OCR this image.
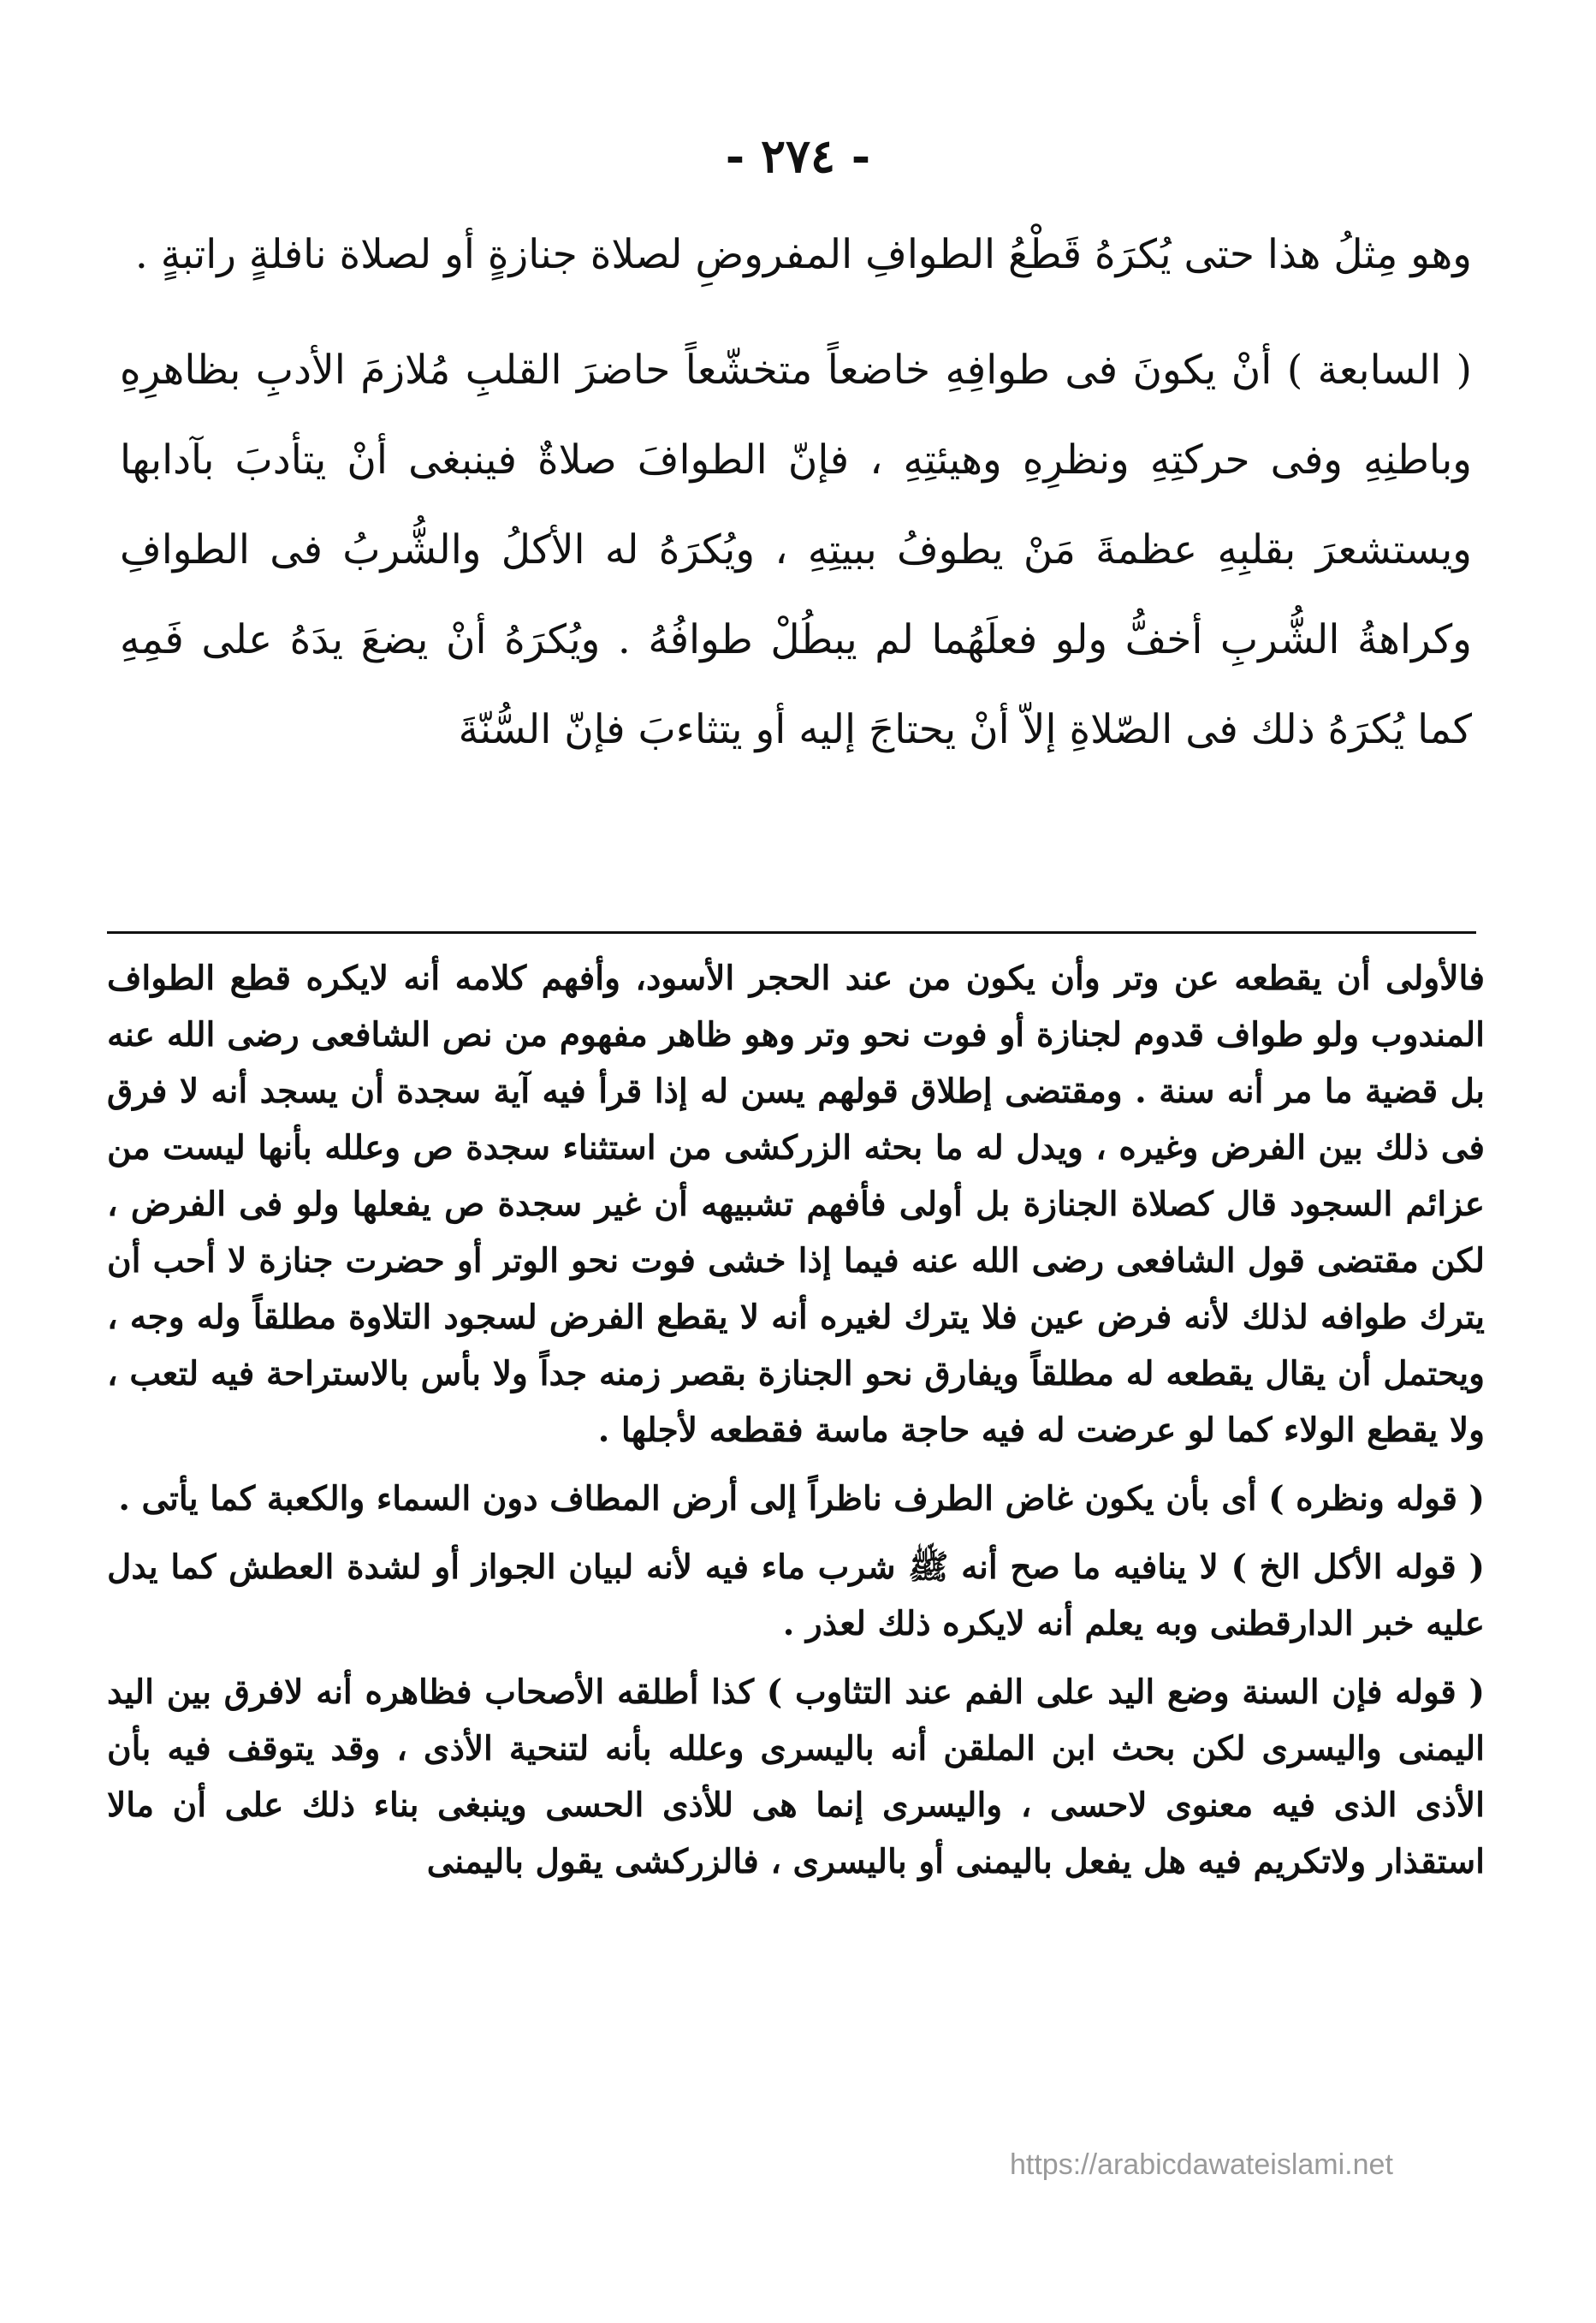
- ٢٧٤ -

وهو مِثلُ هذا حتى يُكرَهُ قَطْعُ الطوافِ المفروضِ لصلاة جنازةٍ أو لصلاة نافلةٍ راتبةٍ .

( السابعة ) أنْ يكونَ فى طوافِهِ خاضعاً متخشّعاً حاضرَ القلبِ مُلازمَ الأدبِ بظاهرِهِ وباطنِهِ وفى حركتِهِ ونظرِهِ وهيئتِهِ ، فإنّ الطوافَ صلاةٌ فينبغى أنْ يتأدبَ بآدابها ويستشعرَ بقلبِهِ عظمةَ مَنْ يطوفُ ببيتِهِ ، ويُكرَهُ له الأكلُ والشُّربُ فى الطوافِ وكراهةُ الشُّربِ أخفُّ ولو فعلَهُما لم يبطُلْ طوافُهُ . ويُكرَهُ أنْ يضعَ يدَهُ على فَمِهِ كما يُكرَهُ ذلك فى الصّلاةِ إلاّ أنْ يحتاجَ إليه أو يتثاءبَ فإنّ السُّنّةَ

فالأولى أن يقطعه عن وتر وأن يكون من عند الحجر الأسود، وأفهم كلامه أنه لايكره قطع الطواف المندوب ولو طواف قدوم لجنازة أو فوت نحو وتر وهو ظاهر مفهوم من نص الشافعى رضى الله عنه بل قضية ما مر أنه سنة . ومقتضى إطلاق قولهم يسن له إذا قرأ فيه آية سجدة أن يسجد أنه لا فرق فى ذلك بين الفرض وغيره ، ويدل له ما بحثه الزركشى من استثناء سجدة ص وعلله بأنها ليست من عزائم السجود قال كصلاة الجنازة بل أولى فأفهم تشبيهه أن غير سجدة ص يفعلها ولو فى الفرض ، لكن مقتضى قول الشافعى رضى الله عنه فيما إذا خشى فوت نحو الوتر أو حضرت جنازة لا أحب أن يترك طوافه لذلك لأنه فرض عين فلا يترك لغيره أنه لا يقطع الفرض لسجود التلاوة مطلقاً وله وجه ، ويحتمل أن يقال يقطعه له مطلقاً ويفارق نحو الجنازة بقصر زمنه جداً ولا بأس بالاستراحة فيه لتعب ، ولا يقطع الولاء كما لو عرضت له فيه حاجة ماسة فقطعه لأجلها .

( قوله ونظره ) أى بأن يكون غاض الطرف ناظراً إلى أرض المطاف دون السماء والكعبة كما يأتى .

( قوله الأكل الخ ) لا ينافيه ما صح أنه ﷺ شرب ماء فيه لأنه لبيان الجواز أو لشدة العطش كما يدل عليه خبر الدارقطنى وبه يعلم أنه لايكره ذلك لعذر .

( قوله فإن السنة وضع اليد على الفم عند التثاوب ) كذا أطلقه الأصحاب فظاهره أنه لافرق بين اليد اليمنى واليسرى لكن بحث ابن الملقن أنه باليسرى وعلله بأنه لتنحية الأذى ، وقد يتوقف فيه بأن الأذى الذى فيه معنوى لاحسى ، واليسرى إنما هى للأذى الحسى وينبغى بناء ذلك على أن مالا استقذار ولاتكريم فيه هل يفعل باليمنى أو باليسرى ، فالزركشى يقول باليمنى

https://arabicdawateislami.net
